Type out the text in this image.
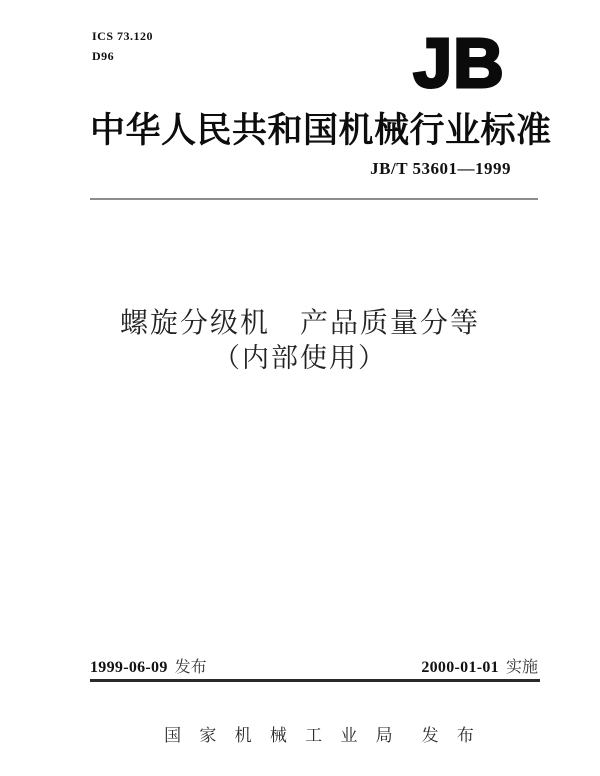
ICS 73.120
D96	JB
中华人民共和国机械行业标准
JB/T 53601—1999
螺旋分级机　产品质量分等
（内部使用）
1999-06-09 发布	2000-01-01 实施

国 家 机 械 工 业 局 发 布
